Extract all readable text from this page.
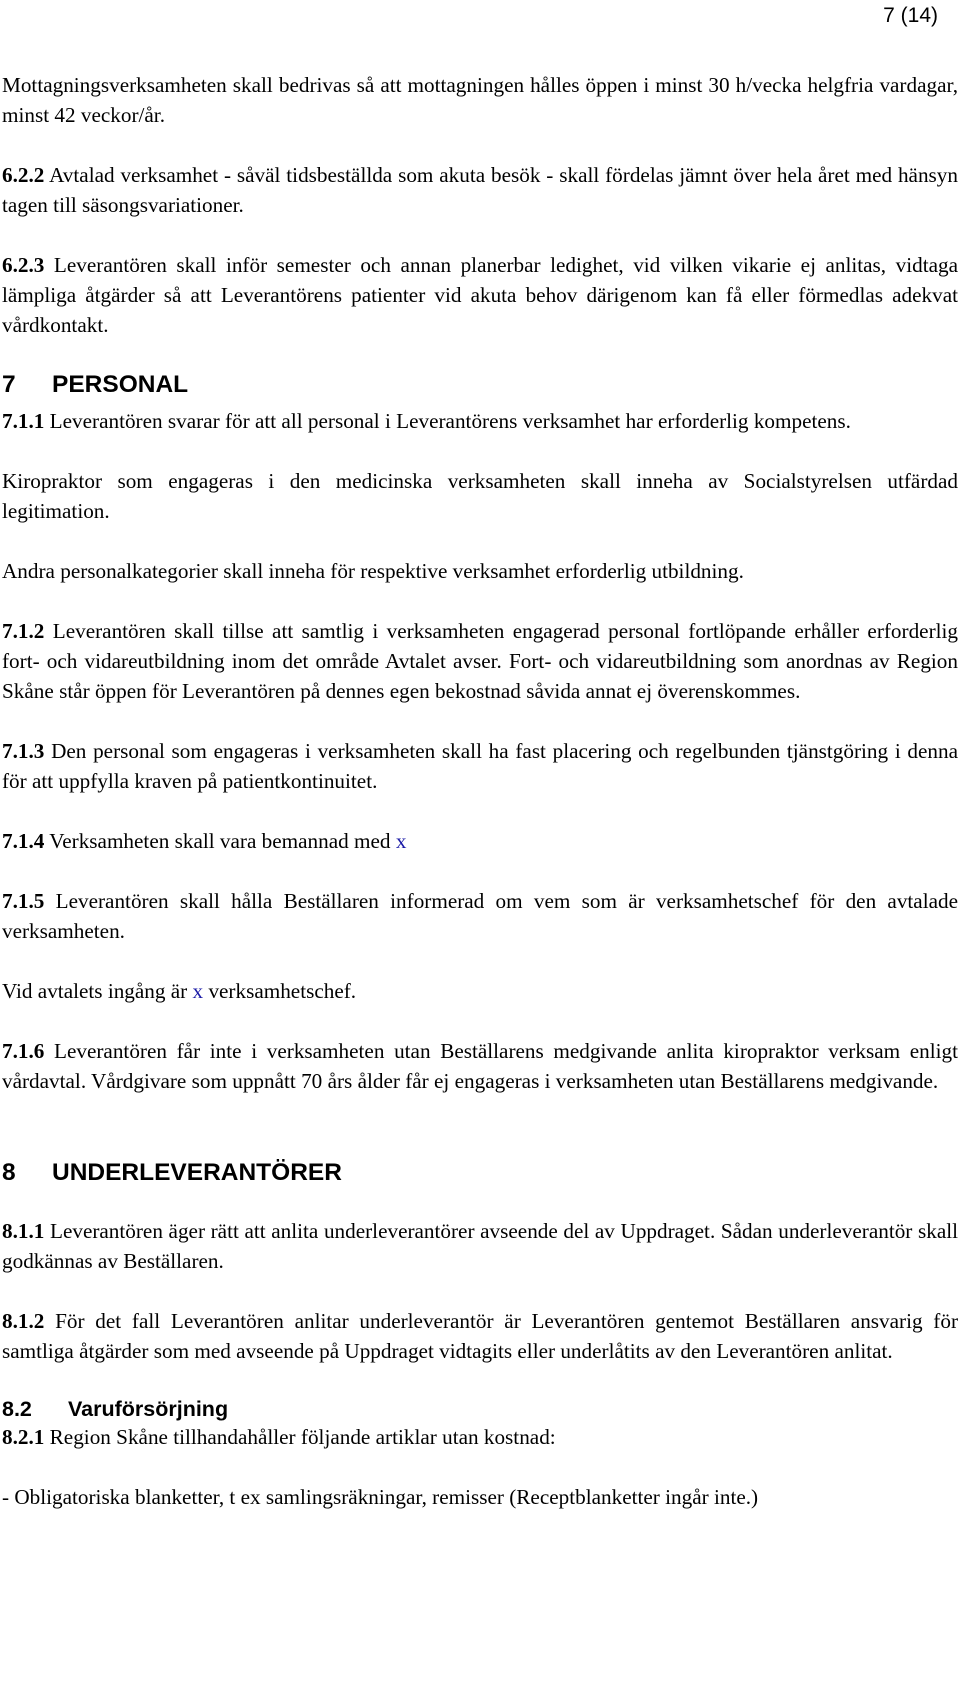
7 (14)

Mottagningsverksamheten skall bedrivas så att mottagningen hålles öppen i minst 30 h/vecka helgfria vardagar, minst 42 veckor/år.

6.2.2 Avtalad verksamhet - såväl tidsbeställda som akuta besök - skall fördelas jämnt över hela året med hänsyn tagen till säsongsvariationer.

6.2.3 Leverantören skall inför semester och annan planerbar ledighet, vid vilken vikarie ej anlitas, vidtaga lämpliga åtgärder så att Leverantörens patienter vid akuta behov därigenom kan få eller förmedlas adekvat vårdkontakt.

7	PERSONAL

7.1.1 Leverantören svarar för att all personal i Leverantörens verksamhet har erforderlig kompetens.

Kiropraktor som engageras i den medicinska verksamheten skall inneha av Socialstyrelsen utfärdad legitimation.

Andra personalkategorier skall inneha för respektive verksamhet erforderlig utbildning.

7.1.2 Leverantören skall tillse att samtlig i verksamheten engagerad personal fortlöpande erhåller erforderlig fort- och vidareutbildning inom det område Avtalet avser. Fort- och vidareutbildning som anordnas av Region Skåne står öppen för Leverantören på dennes egen bekostnad såvida annat ej överenskommes.

7.1.3 Den personal som engageras i verksamheten skall ha fast placering och regelbunden tjänstgöring i denna för att uppfylla kraven på patientkontinuitet.

7.1.4 Verksamheten skall vara bemannad med x

7.1.5 Leverantören skall hålla Beställaren informerad om vem som är verksamhetschef för den avtalade verksamheten.

Vid avtalets ingång är x verksamhetschef.

7.1.6 Leverantören får inte i verksamheten utan Beställarens medgivande anlita kiropraktor verksam enligt vårdavtal. Vårdgivare som uppnått 70 års ålder får ej engageras i verksamheten utan Beställarens medgivande.

8	UNDERLEVERANTÖRER

8.1.1 Leverantören äger rätt att anlita underleverantörer avseende del av Uppdraget. Sådan underleverantör skall godkännas av Beställaren.

8.1.2 För det fall Leverantören anlitar underleverantör är Leverantören gentemot Beställaren ansvarig för samtliga åtgärder som med avseende på Uppdraget vidtagits eller underlåtits av den Leverantören anlitat.

8.2	Varuförsörjning

8.2.1 Region Skåne tillhandahåller följande artiklar utan kostnad:

- Obligatoriska blanketter, t ex samlingsräkningar, remisser (Receptblanketter ingår inte.)
